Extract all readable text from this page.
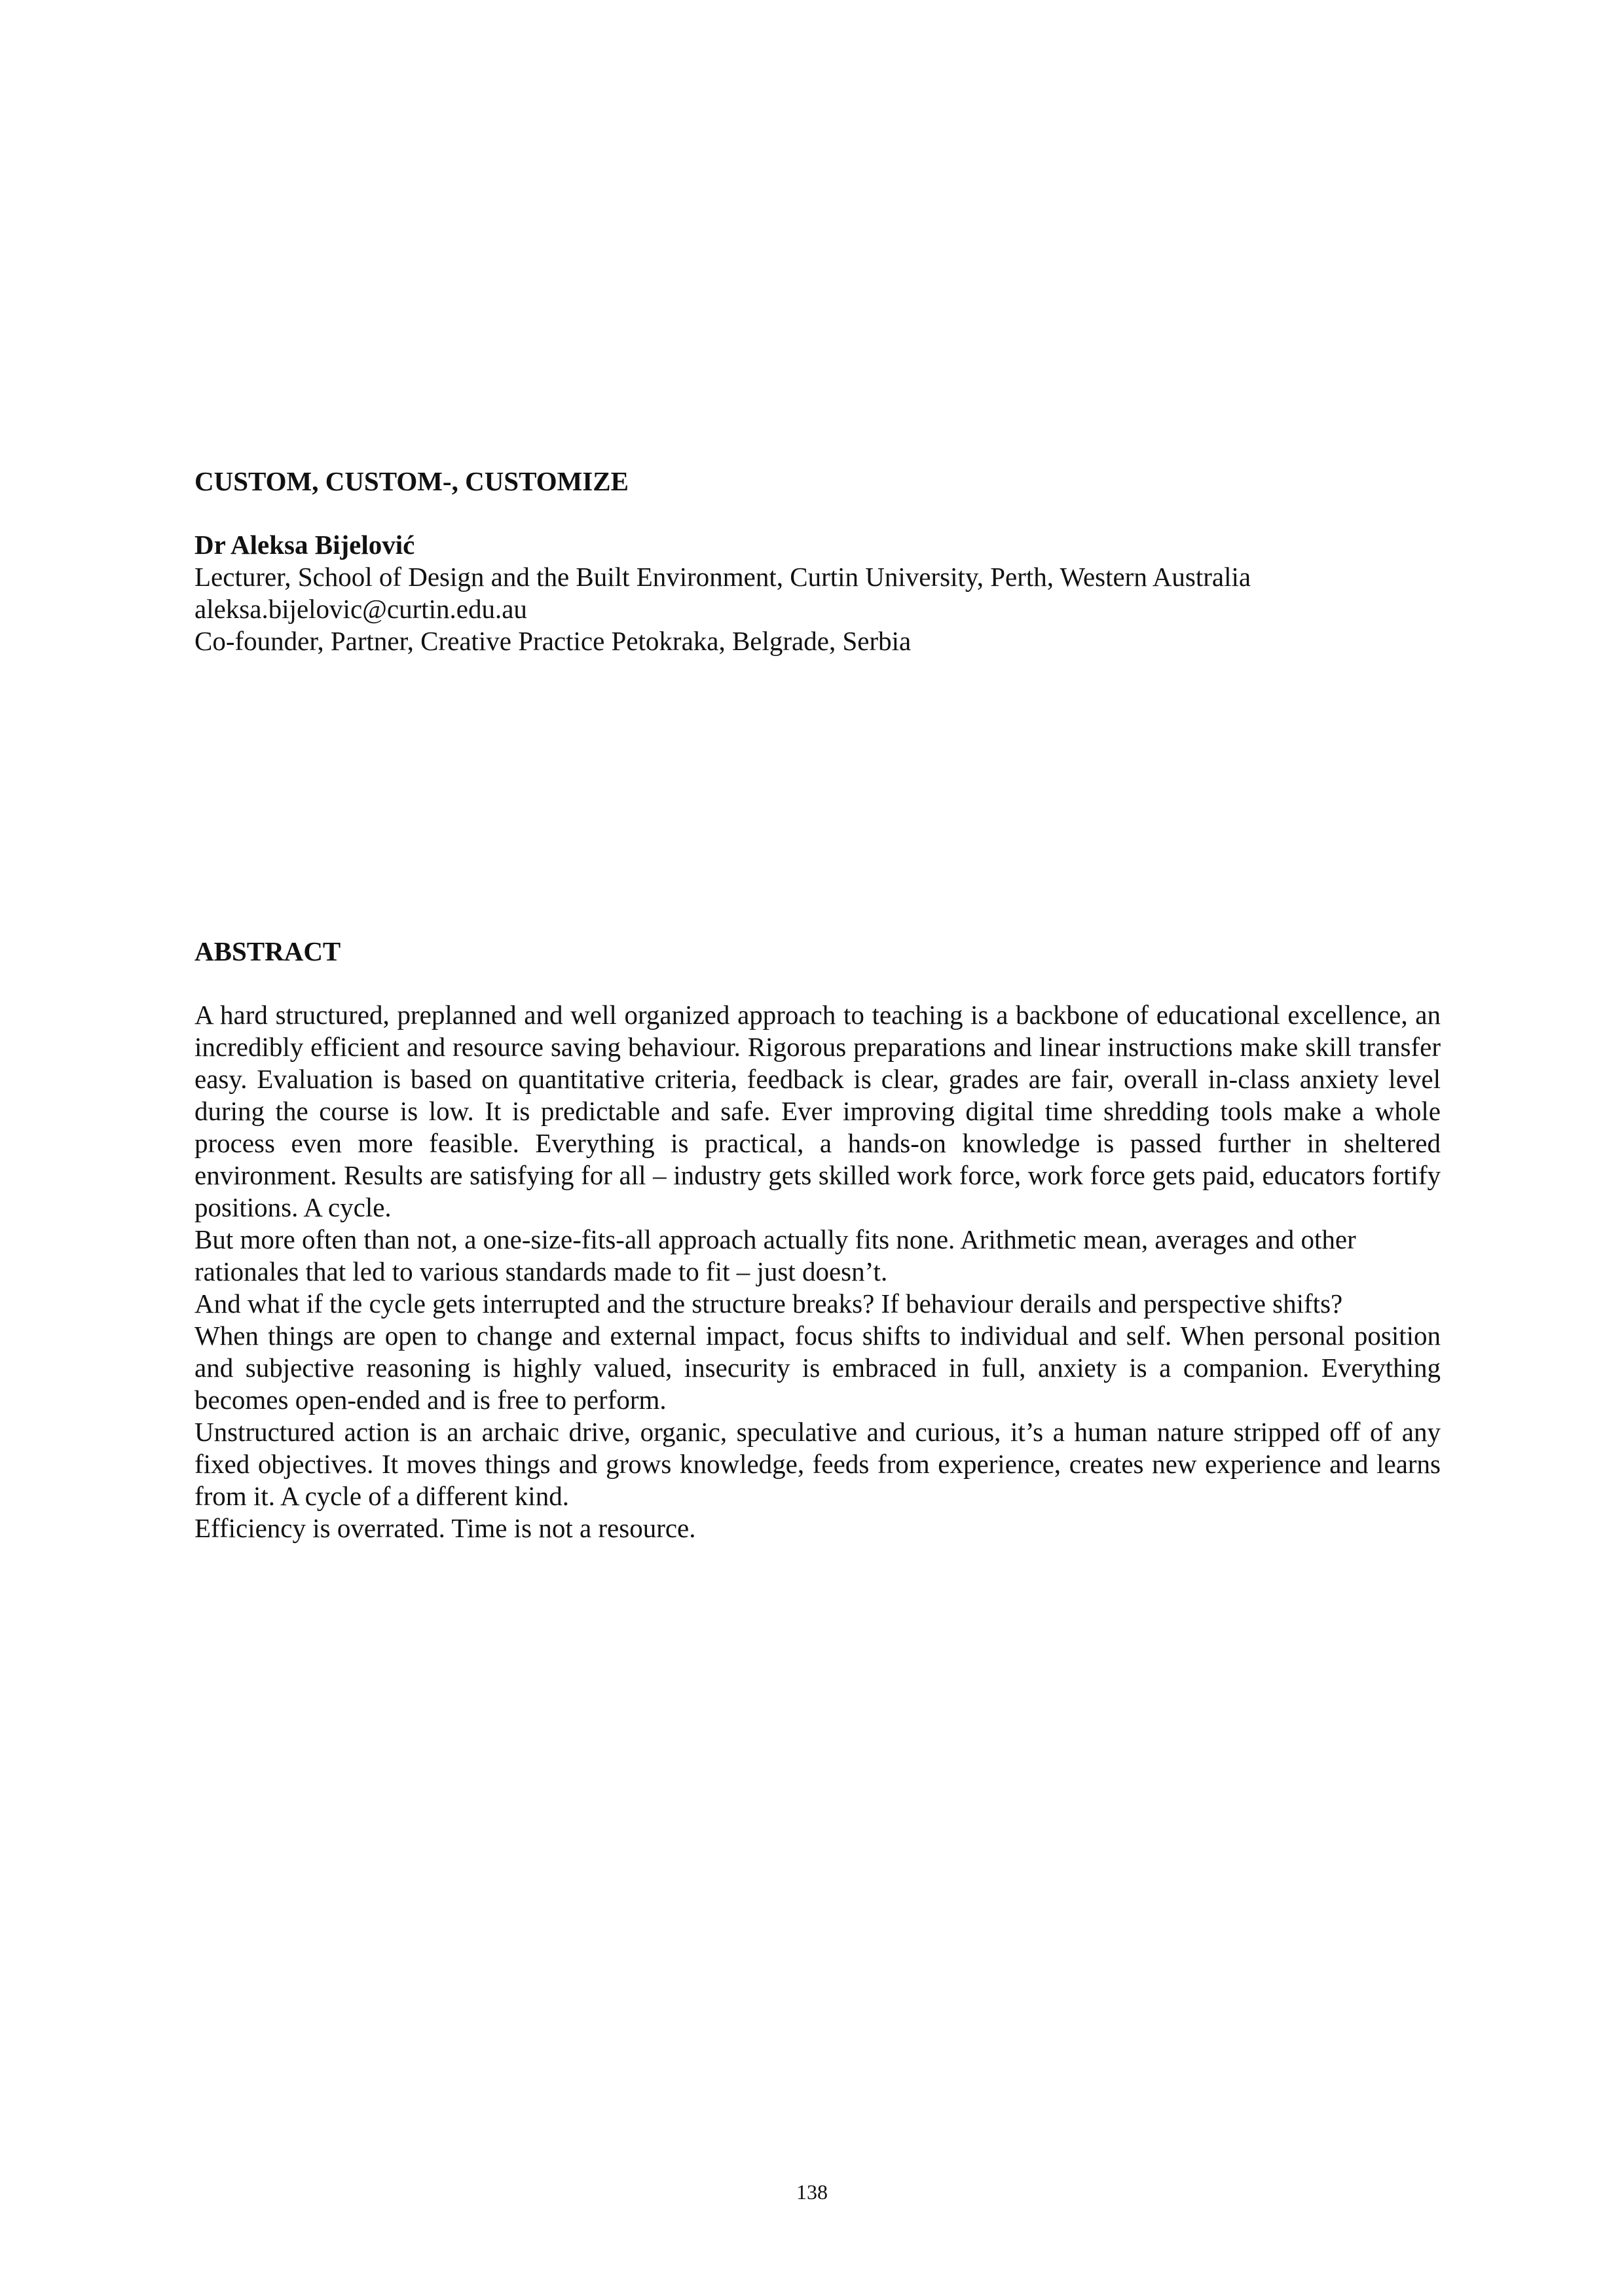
CUSTOM, CUSTOM-, CUSTOMIZE
Dr Aleksa Bijelović
Lecturer, School of Design and the Built Environment, Curtin University, Perth, Western Australia
aleksa.bijelovic@curtin.edu.au
Co-founder, Partner, Creative Practice Petokraka, Belgrade, Serbia
ABSTRACT

A hard structured, preplanned and well organized approach to teaching is a backbone of educational excellence, an incredibly efficient and resource saving behaviour. Rigorous preparations and linear instructions make skill transfer easy. Evaluation is based on quantitative criteria, feedback is clear, grades are fair, overall in-class anxiety level during the course is low. It is predictable and safe. Ever improving digital time shredding tools make a whole process even more feasible. Everything is practical, a hands-on knowledge is passed further in sheltered environment. Results are satisfying for all – industry gets skilled work force, work force gets paid, educators fortify positions. A cycle.

But more often than not, a one-size-fits-all approach actually fits none. Arithmetic mean, averages and other rationales that led to various standards made to fit – just doesn’t.

And what if the cycle gets interrupted and the structure breaks? If behaviour derails and perspective shifts?

When things are open to change and external impact, focus shifts to individual and self. When personal position and subjective reasoning is highly valued, insecurity is embraced in full, anxiety is a companion. Everything becomes open-ended and is free to perform.

Unstructured action is an archaic drive, organic, speculative and curious, it’s a human nature stripped off of any fixed objectives. It moves things and grows knowledge, feeds from experience, creates new experience and learns from it. A cycle of a different kind.

Efficiency is overrated. Time is not a resource.

138
